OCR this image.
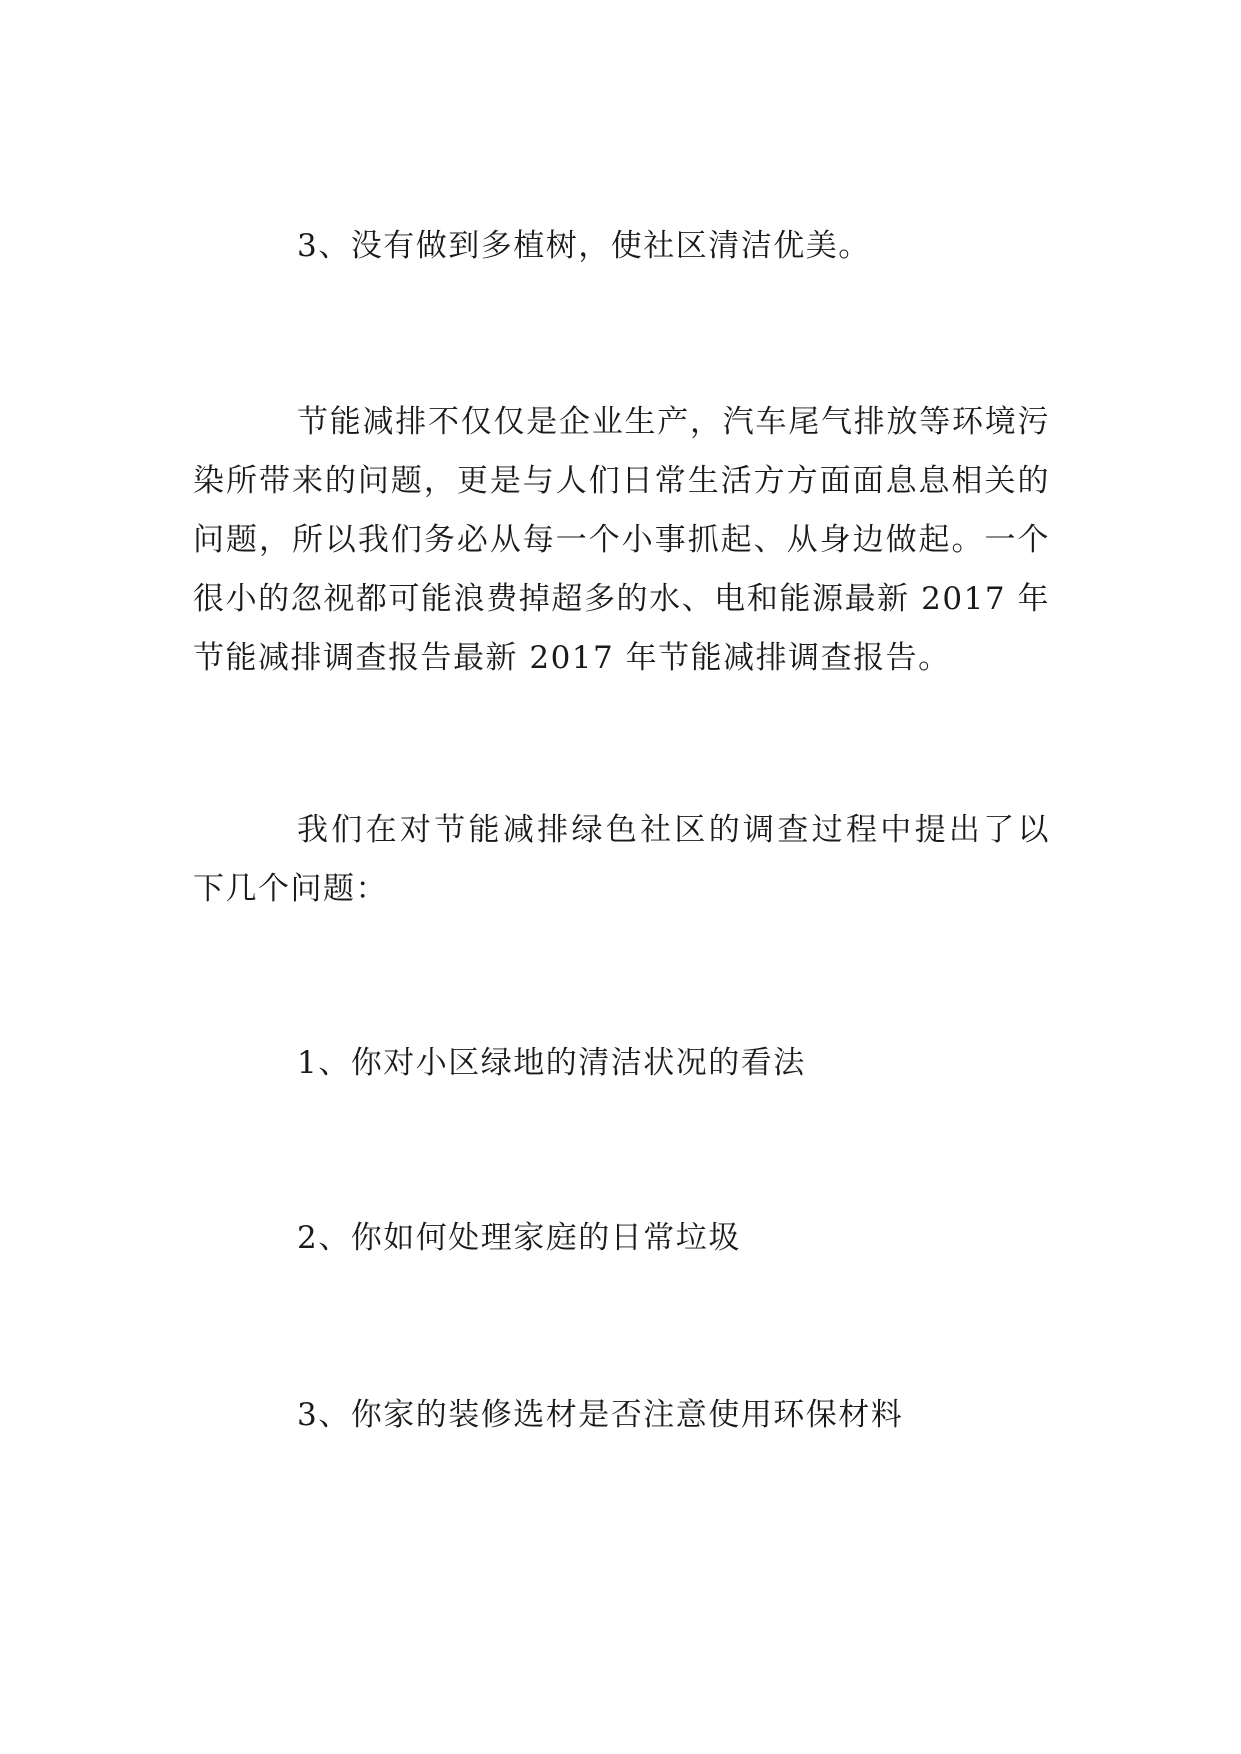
3、没有做到多植树，使社区清洁优美。
节能减排不仅仅是企业生产，汽车尾气排放等环境污
染所带来的问题，更是与人们日常生活方方面面息息相关的
问题，所以我们务必从每一个小事抓起、从身边做起。一个
很小的忽视都可能浪费掉超多的水、电和能源最新 2017 年
节能减排调查报告最新 2017 年节能减排调查报告。
我们在对节能减排绿色社区的调查过程中提出了以
下几个问题：
1、你对小区绿地的清洁状况的看法
2、你如何处理家庭的日常垃圾
3、你家的装修选材是否注意使用环保材料
